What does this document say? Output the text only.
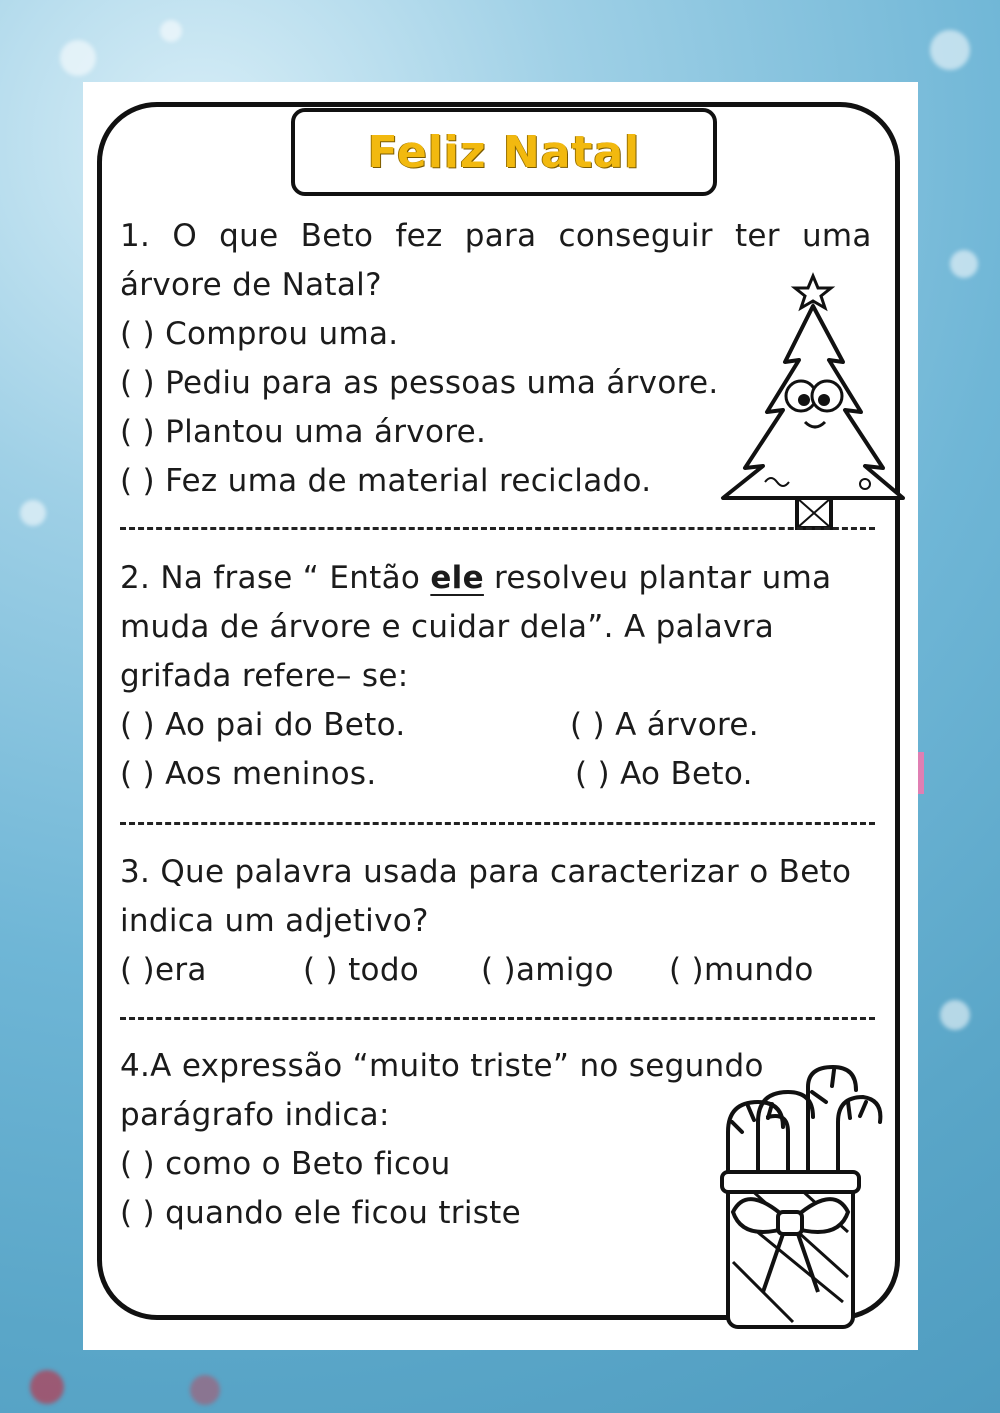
Feliz Natal
1. O que Beto fez para conseguir ter uma
árvore de Natal?
( ) Comprou uma.
( ) Pediu para as pessoas uma árvore.
( ) Plantou uma árvore.
( ) Fez uma de material reciclado.
2. Na frase “ Então ele resolveu plantar uma
muda de árvore e cuidar dela”. A palavra
grifada refere– se:
( ) Ao pai do Beto.	( ) A árvore.
( ) Aos meninos.	( ) Ao Beto.
3. Que palavra usada para caracterizar o Beto
indica um adjetivo?
( )era	( ) todo ( )amigo ( )mundo
4.A expressão “muito triste” no segundo
parágrafo indica:
( ) como o Beto ficou
( ) quando ele ficou triste
